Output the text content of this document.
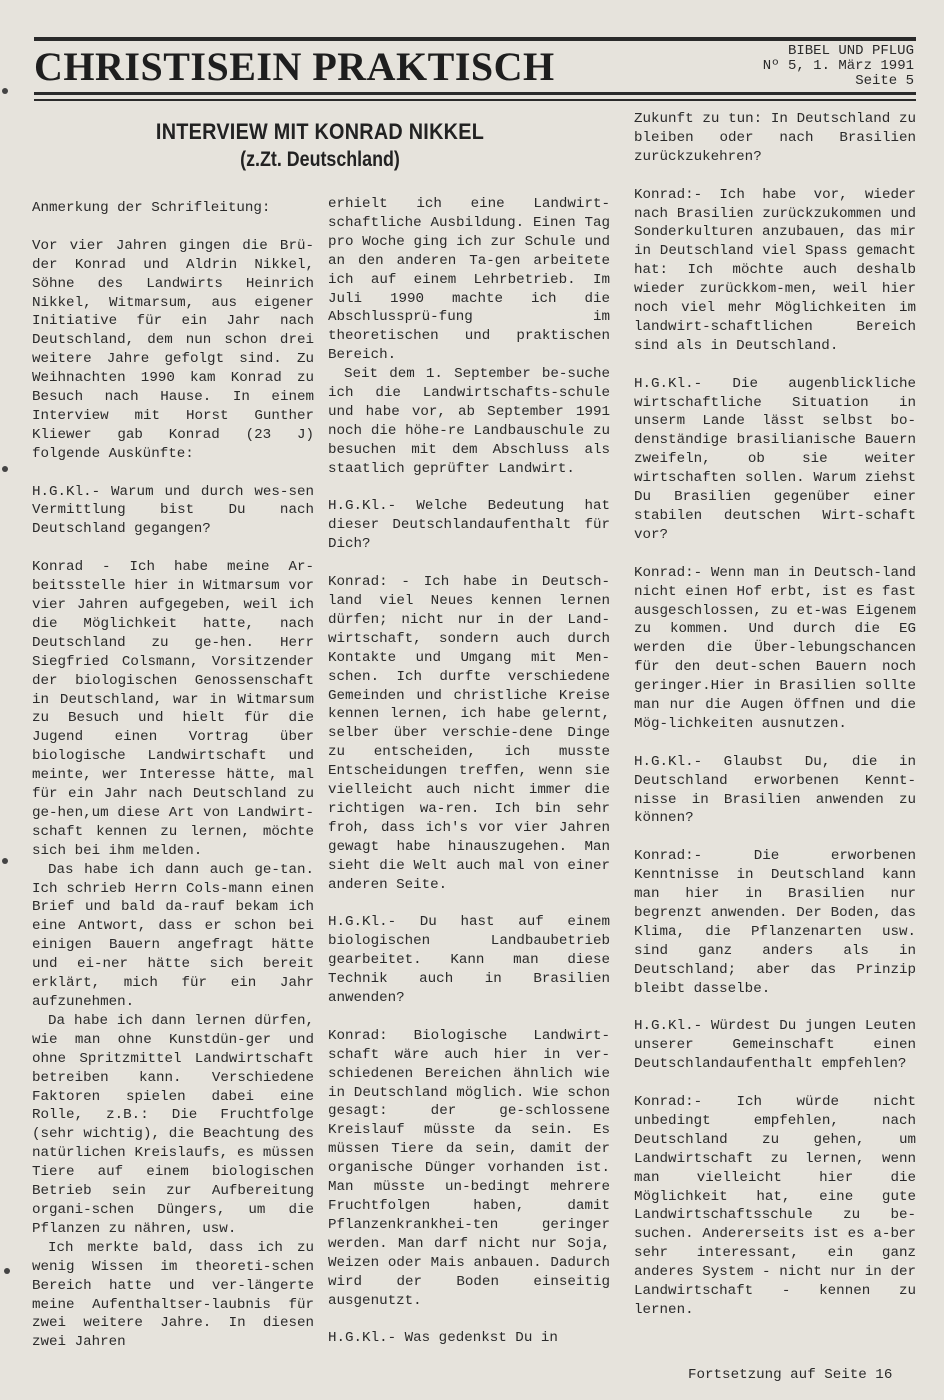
CHRISTISEIN PRAKTISCH	BIBEL UND PFLUG
Nº 5, 1. März 1991
Seite 5
INTERVIEW MIT KONRAD NIKKEL
(z.Zt. Deutschland)

Anmerkung der Schrifleitung:

Vor vier Jahren gingen die Brü-der Konrad und Aldrin Nikkel, Söhne des Landwirts Heinrich Nikkel, Witmarsum, aus eigener Initiative für ein Jahr nach Deutschland, dem nun schon drei weitere Jahre gefolgt sind. Zu Weihnachten 1990 kam Konrad zu Besuch nach Hause. In einem Interview mit Horst Gunther Kliewer gab Konrad (23 J) folgende Auskünfte:

H.G.Kl.- Warum und durch wes-sen Vermittlung bist Du nach Deutschland gegangen?

Konrad - Ich habe meine Ar-beitsstelle hier in Witmarsum vor vier Jahren aufgegeben, weil ich die Möglichkeit hatte, nach Deutschland zu ge-hen. Herr Siegfried Colsmann, Vorsitzender der biologischen Genossenschaft in Deutschland, war in Witmarsum zu Besuch und hielt für die Jugend einen Vortrag über biologische Landwirtschaft und meinte, wer Interesse hätte, mal für ein Jahr nach Deutschland zu ge-hen,um diese Art von Landwirt-schaft kennen zu lernen, möchte sich bei ihm melden.

Das habe ich dann auch ge-tan. Ich schrieb Herrn Cols-mann einen Brief und bald da-rauf bekam ich eine Antwort, dass er schon bei einigen Bauern angefragt hätte und ei-ner hätte sich bereit erklärt, mich für ein Jahr aufzunehmen.

Da habe ich dann lernen dürfen, wie man ohne Kunstdün-ger und ohne Spritzmittel Landwirtschaft betreiben kann. Verschiedene Faktoren spielen dabei eine Rolle, z.B.: Die Fruchtfolge (sehr wichtig), die Beachtung des natürlichen Kreislaufs, es müssen Tiere auf einem biologischen Betrieb sein zur Aufbereitung organi-schen Düngers, um die Pflanzen zu nähren, usw.

Ich merkte bald, dass ich zu wenig Wissen im theoreti-schen Bereich hatte und ver-längerte meine Aufenthaltser-laubnis für zwei weitere Jahre. In diesen zwei Jahren

erhielt ich eine Landwirt-schaftliche Ausbildung. Einen Tag pro Woche ging ich zur Schule und an den anderen Ta-gen arbeitete ich auf einem Lehrbetrieb. Im Juli 1990 machte ich die Abschlussprü-fung im theoretischen und praktischen Bereich.

Seit dem 1. September be-suche ich die Landwirtschafts-schule und habe vor, ab September 1991 noch die höhe-re Landbauschule zu besuchen mit dem Abschluss als staatlich geprüfter Landwirt.

H.G.Kl.- Welche Bedeutung hat dieser Deutschlandaufenthalt für Dich?

Konrad: - Ich habe in Deutsch-land viel Neues kennen lernen dürfen; nicht nur in der Land-wirtschaft, sondern auch durch Kontakte und Umgang mit Men-schen. Ich durfte verschiedene Gemeinden und christliche Kreise kennen lernen, ich habe gelernt, selber über verschie-dene Dinge zu entscheiden, ich musste Entscheidungen treffen, wenn sie vielleicht auch nicht immer die richtigen wa-ren. Ich bin sehr froh, dass ich's vor vier Jahren gewagt habe hinauszugehen. Man sieht die Welt auch mal von einer anderen Seite.

H.G.Kl.- Du hast auf einem biologischen Landbaubetrieb gearbeitet. Kann man diese Technik auch in Brasilien anwenden?

Konrad: Biologische Landwirt-schaft wäre auch hier in ver-schiedenen Bereichen ähnlich wie in Deutschland möglich. Wie schon gesagt: der ge-schlossene Kreislauf müsste da sein. Es müssen Tiere da sein, damit der organische Dünger vorhanden ist. Man müsste un-bedingt mehrere Fruchtfolgen haben, damit Pflanzenkrankhei-ten geringer werden. Man darf nicht nur Soja, Weizen oder Mais anbauen. Dadurch wird der Boden einseitig ausgenutzt.

H.G.Kl.- Was gedenkst Du in

Zukunft zu tun: In Deutschland zu bleiben oder nach Brasilien zurückzukehren?

Konrad:- Ich habe vor, wieder nach Brasilien zurückzukommen und Sonderkulturen anzubauen, das mir in Deutschland viel Spass gemacht hat: Ich möchte auch deshalb wieder zurückkom-men, weil hier noch viel mehr Möglichkeiten im landwirt-schaftlichen Bereich sind als in Deutschland.

H.G.Kl.- Die augenblickliche wirtschaftliche Situation in unserm Lande lässt selbst bo-denständige brasilianische Bauern zweifeln, ob sie weiter wirtschaften sollen. Warum ziehst Du Brasilien gegenüber einer stabilen deutschen Wirt-schaft vor?

Konrad:- Wenn man in Deutsch-land nicht einen Hof erbt, ist es fast ausgeschlossen, zu et-was Eigenem zu kommen. Und durch die EG werden die Über-lebungschancen für den deut-schen Bauern noch geringer.Hier in Brasilien sollte man nur die Augen öffnen und die Mög-lichkeiten ausnutzen.

H.G.Kl.- Glaubst Du, die in Deutschland erworbenen Kennt-nisse in Brasilien anwenden zu können?

Konrad:- Die erworbenen Kenntnisse in Deutschland kann man hier in Brasilien nur begrenzt anwenden. Der Boden, das Klima, die Pflanzenarten usw. sind ganz anders als in Deutschland; aber das Prinzip bleibt dasselbe.

H.G.Kl.- Würdest Du jungen Leuten unserer Gemeinschaft einen Deutschlandaufenthalt empfehlen?

Konrad:- Ich würde nicht unbedingt empfehlen, nach Deutschland zu gehen, um Landwirtschaft zu lernen, wenn man vielleicht hier die Möglichkeit hat, eine gute Landwirtschaftsschule zu be-suchen. Andererseits ist es a-ber sehr interessant, ein ganz anderes System - nicht nur in der Landwirtschaft - kennen zu lernen.

Fortsetzung auf Seite 16
